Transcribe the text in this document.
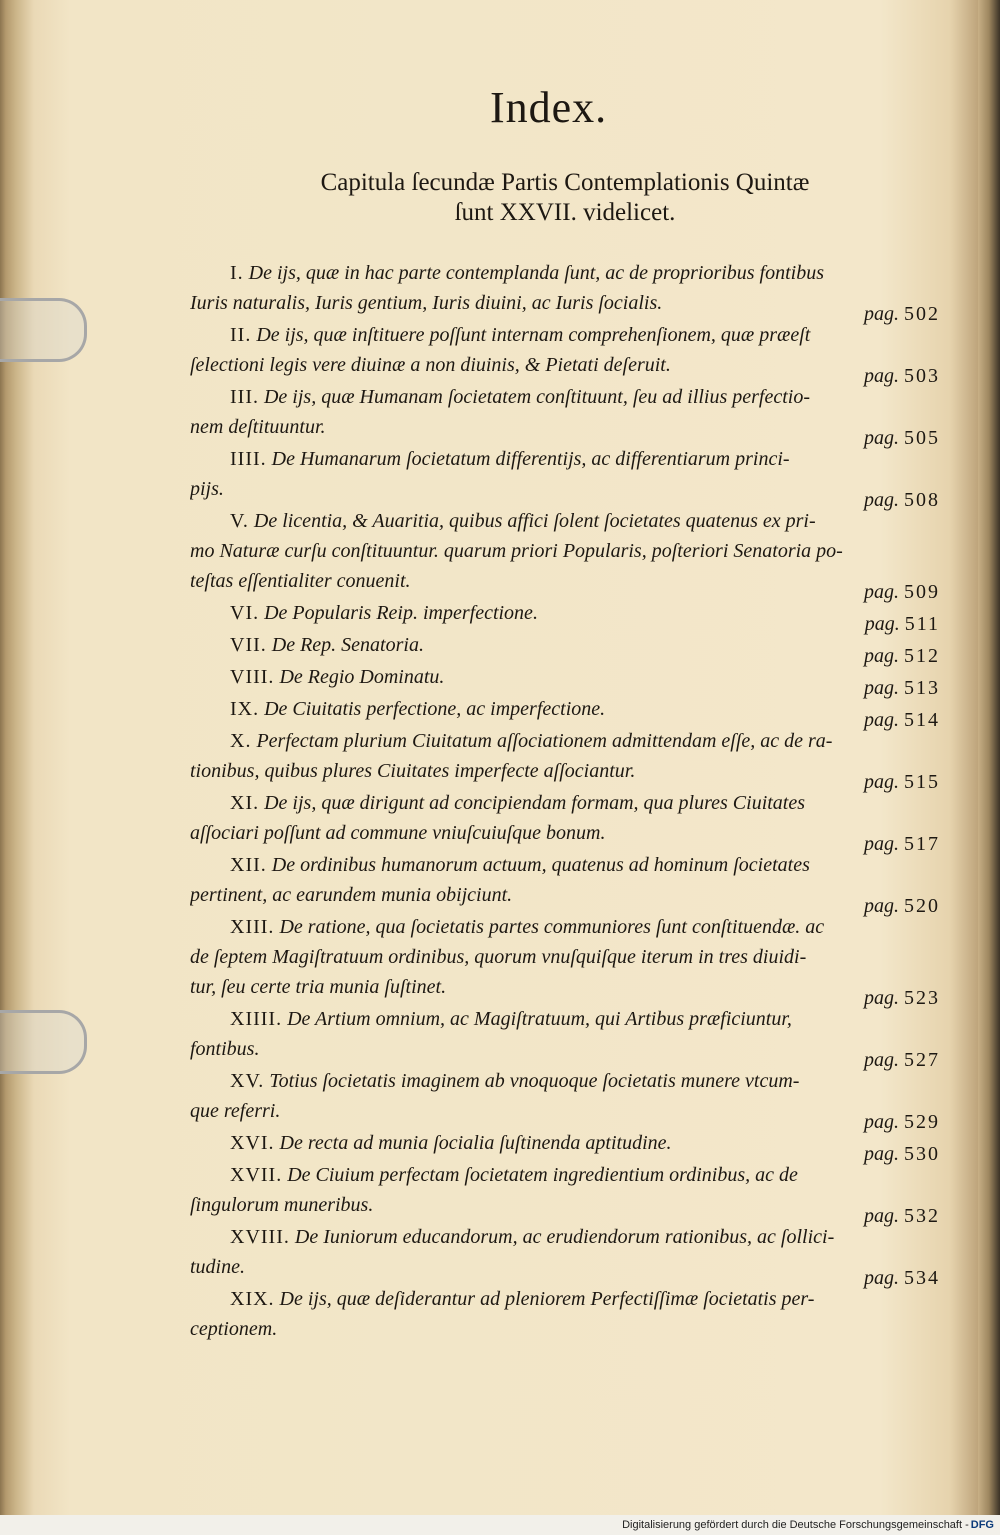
Index.
Capitula ſecundæ Partis Contemplationis Quintæ
ſunt XXVII. videlicet.
I. De ijs, quæ in hac parte contemplanda ſunt, ac de proprioribus fontibus
Iuris naturalis, Iuris gentium, Iuris diuini, ac Iuris ſocialis.	pag. 502
II. De ijs, quæ inſtituere poſſunt internam comprehenſionem, quæ præeſt
ſelectioni legis vere diuinæ a non diuinis, & Pietati deſeruit.	pag. 503
III. De ijs, quæ Humanam ſocietatem conſtituunt, ſeu ad illius perfectio-
nem deſtituuntur.	pag. 505
IIII. De Humanarum ſocietatum differentijs, ac differentiarum princi-
pijs.	pag. 508
V. De licentia, & Auaritia, quibus affici ſolent ſocietates quatenus ex pri-
mo Naturæ curſu conſtituuntur. quarum priori Popularis, poſteriori Senatoria po-
teſtas eſſentialiter conuenit.	pag. 509
VI. De Popularis Reip. imperfectione.	pag. 511
VII. De Rep. Senatoria.	pag. 512
VIII. De Regio Dominatu.	pag. 513
IX. De Ciuitatis perfectione, ac imperfectione.	pag. 514
X. Perfectam plurium Ciuitatum aſſociationem admittendam eſſe, ac de ra-
tionibus, quibus plures Ciuitates imperfecte aſſociantur.	pag. 515
XI. De ijs, quæ dirigunt ad concipiendam formam, qua plures Ciuitates
aſſociari poſſunt ad commune vniuſcuiuſque bonum.	pag. 517
XII. De ordinibus humanorum actuum, quatenus ad hominum ſocietates
pertinent, ac earundem munia obijciunt.	pag. 520
XIII. De ratione, qua ſocietatis partes communiores ſunt conſtituendæ. ac
de ſeptem Magiſtratuum ordinibus, quorum vnuſquiſque iterum in tres diuidi-
tur, ſeu certe tria munia ſuſtinet.	pag. 523
XIIII. De Artium omnium, ac Magiſtratuum, qui Artibus præficiuntur,
fontibus.	pag. 527
XV. Totius ſocietatis imaginem ab vnoquoque ſocietatis munere vtcum-
que referri.	pag. 529
XVI. De recta ad munia ſocialia ſuſtinenda aptitudine.	pag. 530
XVII. De Ciuium perfectam ſocietatem ingredientium ordinibus, ac de
ſingulorum muneribus.	pag. 532
XVIII. De Iuniorum educandorum, ac erudiendorum rationibus, ac ſollici-
tudine.	pag. 534
XIX. De ijs, quæ deſiderantur ad pleniorem Perfectiſſimæ ſocietatis per-
ceptionem.
Digitalisierung gefördert durch die Deutsche Forschungsgemeinschaft - DFG
